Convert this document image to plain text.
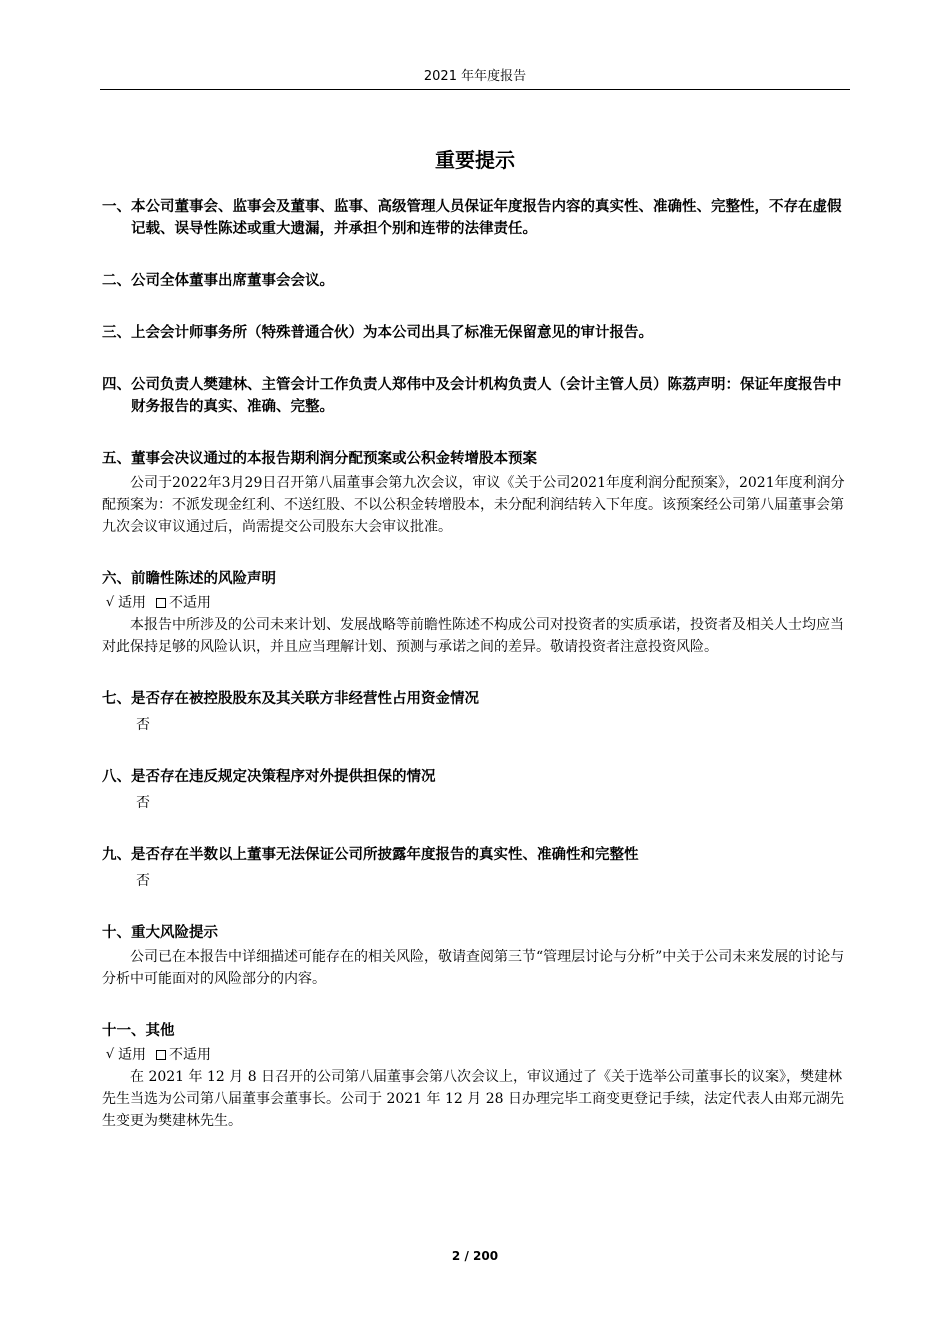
2021 年年度报告
重要提示
一、 本公司董事会、监事会及董事、监事、高级管理人员保证年度报告内容的真实性、准确性、完整性，不存在虚假记载、误导性陈述或重大遗漏，并承担个别和连带的法律责任。
二、 公司全体董事出席董事会会议。
三、 上会会计师事务所（特殊普通合伙）为本公司出具了标准无保留意见的审计报告。
四、 公司负责人樊建林、主管会计工作负责人郑伟中及会计机构负责人（会计主管人员）陈荔声明：保证年度报告中财务报告的真实、准确、完整。
五、 董事会决议通过的本报告期利润分配预案或公积金转增股本预案

公司于2022年3月29日召开第八届董事会第九次会议，审议《关于公司2021年度利润分配预案》，2021年度利润分配预案为：不派发现金红利、不送红股、不以公积金转增股本，未分配利润结转入下年度。该预案经公司第八届董事会第九次会议审议通过后，尚需提交公司股东大会审议批准。

六、 前瞻性陈述的风险声明
√ 适用 不适用

本报告中所涉及的公司未来计划、发展战略等前瞻性陈述不构成公司对投资者的实质承诺，投资者及相关人士均应当对此保持足够的风险认识，并且应当理解计划、预测与承诺之间的差异。敬请投资者注意投资风险。

七、 是否存在被控股股东及其关联方非经营性占用资金情况
否
八、 是否存在违反规定决策程序对外提供担保的情况
否
九、 是否存在半数以上董事无法保证公司所披露年度报告的真实性、准确性和完整性
否
十、 重大风险提示

公司已在本报告中详细描述可能存在的相关风险，敬请查阅第三节“管理层讨论与分析”中关于公司未来发展的讨论与分析中可能面对的风险部分的内容。

十一、 其他
√ 适用 不适用

在 2021 年 12 月 8 日召开的公司第八届董事会第八次会议上，审议通过了《关于选举公司董事长的议案》，樊建林先生当选为公司第八届董事会董事长。公司于 2021 年 12 月 28 日办理完毕工商变更登记手续，法定代表人由郑元湖先生变更为樊建林先生。

2 / 200
